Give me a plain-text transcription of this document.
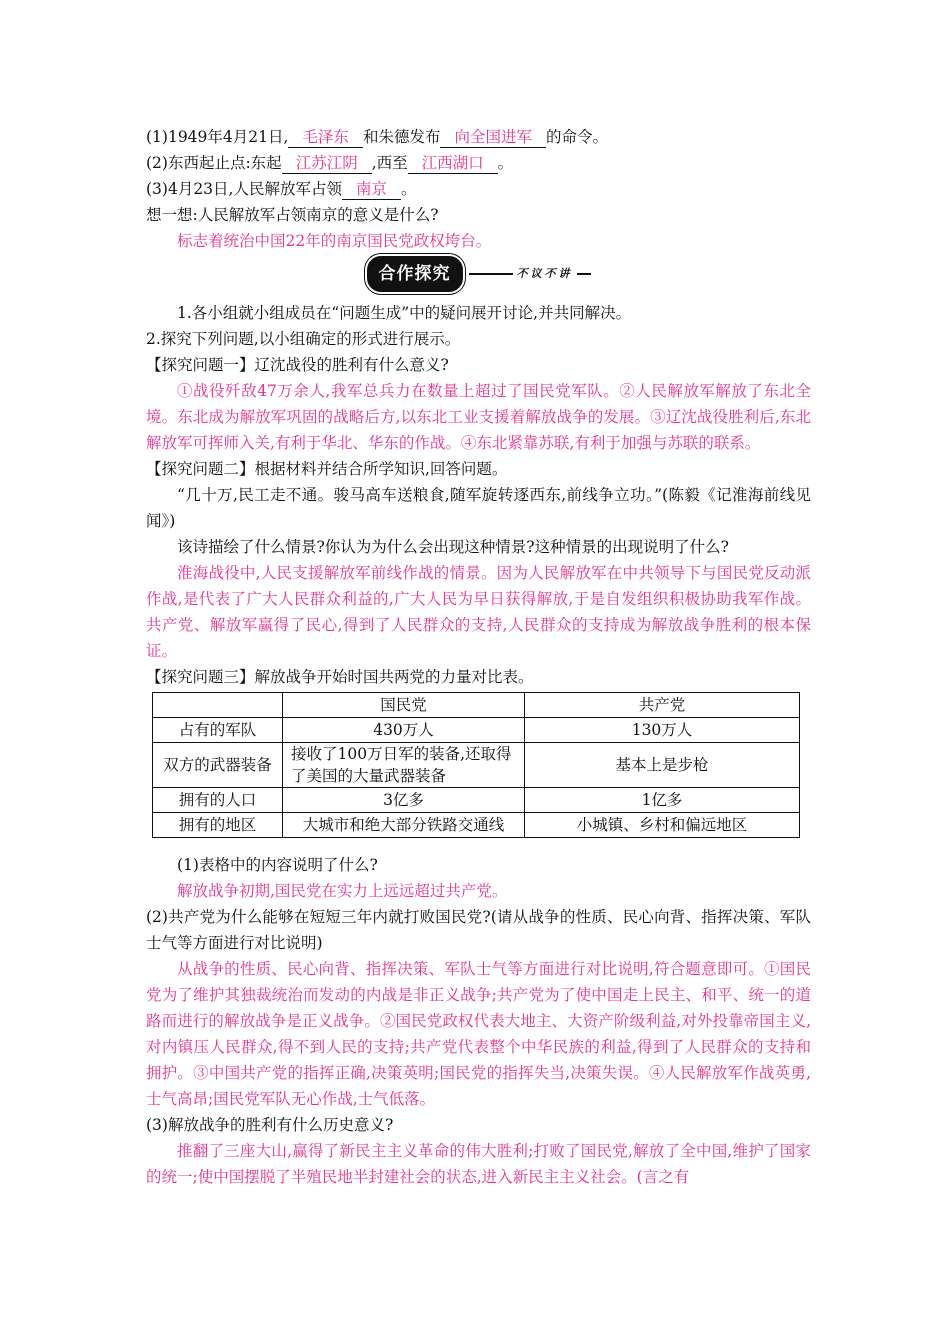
(1)1949年4月21日, 毛泽东 和朱德发布 向全国进军 的命令。
(2)东西起止点:东起 江苏江阴 ,西至 江西湖口 。
(3)4月23日,人民解放军占领 南京 。
想一想:人民解放军占领南京的意义是什么?
标志着统治中国22年的南京国民党政权垮台。
合作探究	不议不讲
1.各小组就小组成员在“问题生成”中的疑问展开讨论,并共同解决。
2.探究下列问题,以小组确定的形式进行展示。
【探究问题一】辽沈战役的胜利有什么意义?
①战役歼敌47万余人,我军总兵力在数量上超过了国民党军队。②人民解放军解放了东北全境。东北成为解放军巩固的战略后方,以东北工业支援着解放战争的发展。③辽沈战役胜利后,东北解放军可挥师入关,有利于华北、华东的作战。④东北紧靠苏联,有利于加强与苏联的联系。
【探究问题二】根据材料并结合所学知识,回答问题。
“几十万,民工走不通。骏马高车送粮食,随军旋转逐西东,前线争立功。”(陈毅《记淮海前线见闻》)
该诗描绘了什么情景?你认为为什么会出现这种情景?这种情景的出现说明了什么?
淮海战役中,人民支援解放军前线作战的情景。因为人民解放军在中共领导下与国民党反动派作战,是代表了广大人民群众利益的,广大人民为早日获得解放,于是自发组织积极协助我军作战。共产党、解放军赢得了民心,得到了人民群众的支持,人民群众的支持成为解放战争胜利的根本保证。
【探究问题三】解放战争开始时国共两党的力量对比表。
	国民党	共产党
占有的军队	430万人	130万人
双方的武器装备	接收了100万日军的装备,还取得了美国的大量武器装备	基本上是步枪
拥有的人口	3亿多	1亿多
拥有的地区	大城市和绝大部分铁路交通线	小城镇、乡村和偏远地区
(1)表格中的内容说明了什么?
解放战争初期,国民党在实力上远远超过共产党。
(2)共产党为什么能够在短短三年内就打败国民党?(请从战争的性质、民心向背、指挥决策、军队士气等方面进行对比说明)
从战争的性质、民心向背、指挥决策、军队士气等方面进行对比说明,符合题意即可。①国民党为了维护其独裁统治而发动的内战是非正义战争;共产党为了使中国走上民主、和平、统一的道路而进行的解放战争是正义战争。②国民党政权代表大地主、大资产阶级利益,对外投靠帝国主义,对内镇压人民群众,得不到人民的支持;共产党代表整个中华民族的利益,得到了人民群众的支持和拥护。③中国共产党的指挥正确,决策英明;国民党的指挥失当,决策失误。④人民解放军作战英勇,士气高昂;国民党军队无心作战,士气低落。
(3)解放战争的胜利有什么历史意义?
推翻了三座大山,赢得了新民主主义革命的伟大胜利;打败了国民党,解放了全中国,维护了国家的统一;使中国摆脱了半殖民地半封建社会的状态,进入新民主主义社会。(言之有
